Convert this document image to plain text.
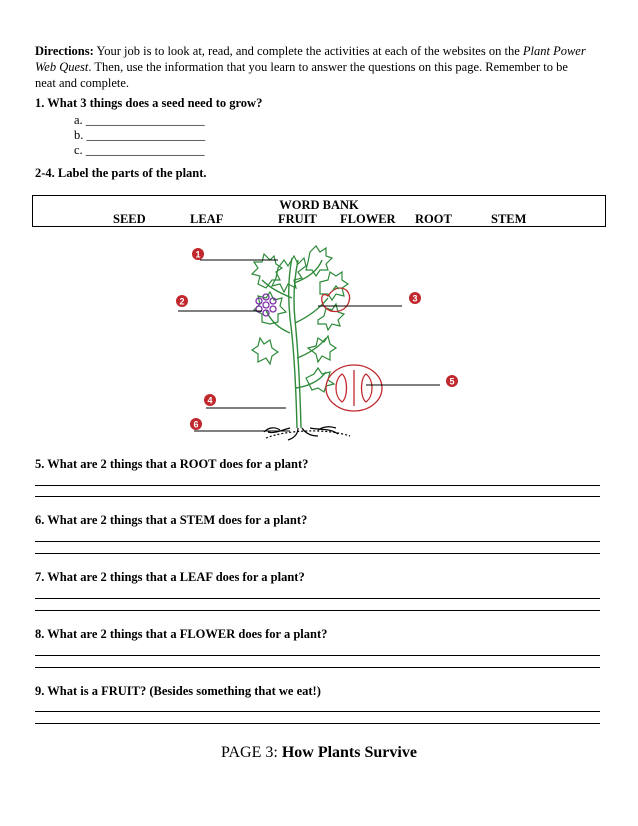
Directions: Your job is to look at, read, and complete the activities at each of the websites on the Plant Power
Web Quest. Then, use the information that you learn to answer the questions on this page. Remember to be
neat and complete.
1. What 3 things does a seed need to grow?
a. ___________________
b. ___________________
c. ___________________
2-4. Label the parts of the plant.
WORD BANK
SEED	LEAF	FRUIT FLOWER ROOT	STEM
1
2	3
4
5
6
5. What are 2 things that a ROOT does for a plant?
6. What are 2 things that a STEM does for a plant?
7. What are 2 things that a LEAF does for a plant?
8. What are 2 things that a FLOWER does for a plant?
9. What is a FRUIT? (Besides something that we eat!)
PAGE 3: How Plants Survive
